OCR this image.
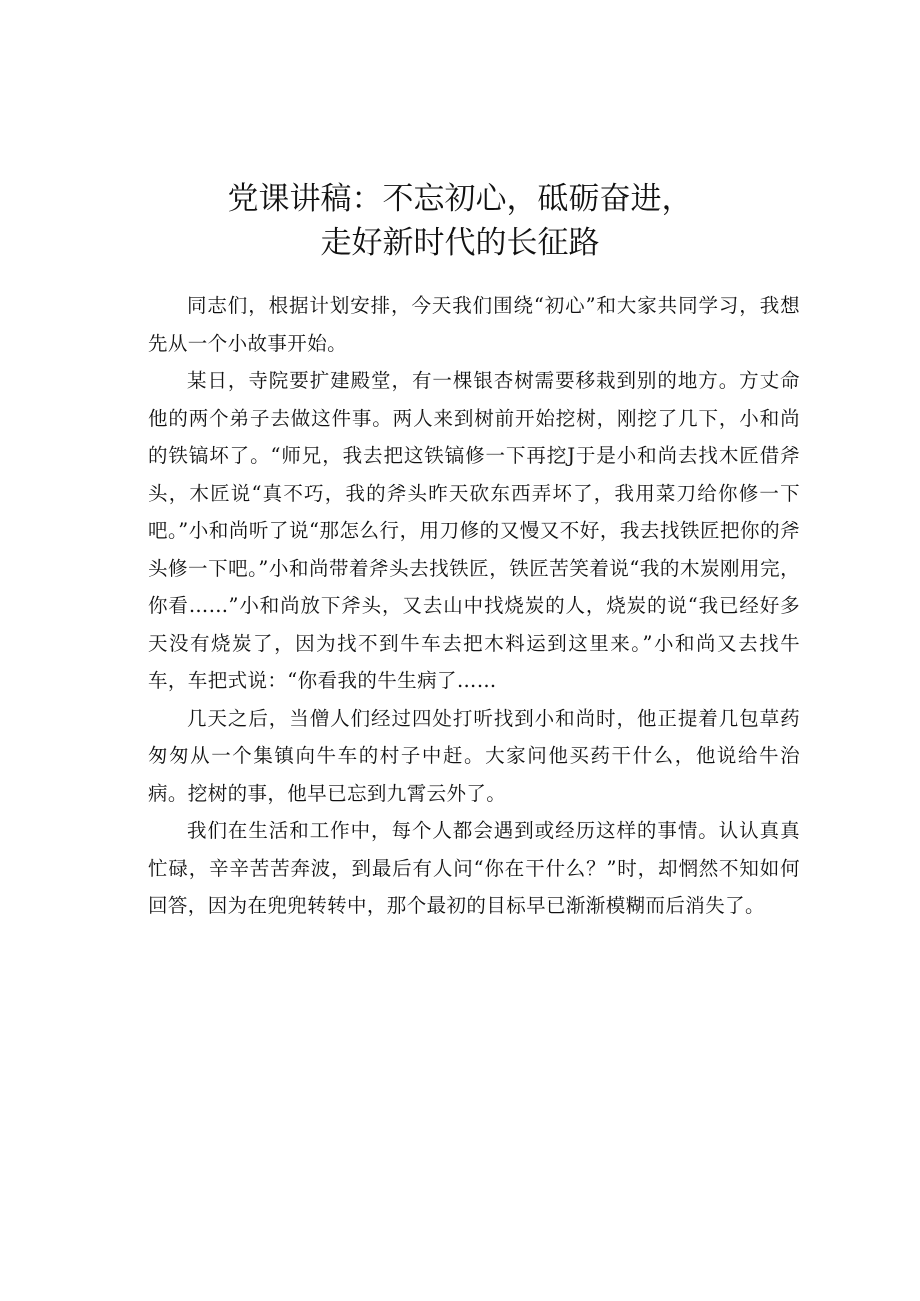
党课讲稿：不忘初心，砥砺奋进，
走好新时代的长征路

同志们，根据计划安排，今天我们围绕“初心”和大家共同学习，我想先从一个小故事开始。

某日，寺院要扩建殿堂，有一棵银杏树需要移栽到别的地方。方丈命他的两个弟子去做这件事。两人来到树前开始挖树，刚挖了几下，小和尚的铁镐坏了。“师兄，我去把这铁镐修一下再挖J于是小和尚去找木匠借斧头，木匠说“真不巧，我的斧头昨天砍东西弄坏了，我用菜刀给你修一下吧。”小和尚听了说“那怎么行，用刀修的又慢又不好，我去找铁匠把你的斧头修一下吧。”小和尚带着斧头去找铁匠，铁匠苦笑着说“我的木炭刚用完，你看……”小和尚放下斧头，又去山中找烧炭的人，烧炭的说“我已经好多天没有烧炭了，因为找不到牛车去把木料运到这里来。”小和尚又去找牛车，车把式说：“你看我的牛生病了……

几天之后，当僧人们经过四处打听找到小和尚时，他正提着几包草药匆匆从一个集镇向牛车的村子中赶。大家问他买药干什么，他说给牛治病。挖树的事，他早已忘到九霄云外了。

我们在生活和工作中，每个人都会遇到或经历这样的事情。认认真真忙碌，辛辛苦苦奔波，到最后有人问“你在干什么？”时，却惘然不知如何回答，因为在兜兜转转中，那个最初的目标早已渐渐模糊而后消失了。
